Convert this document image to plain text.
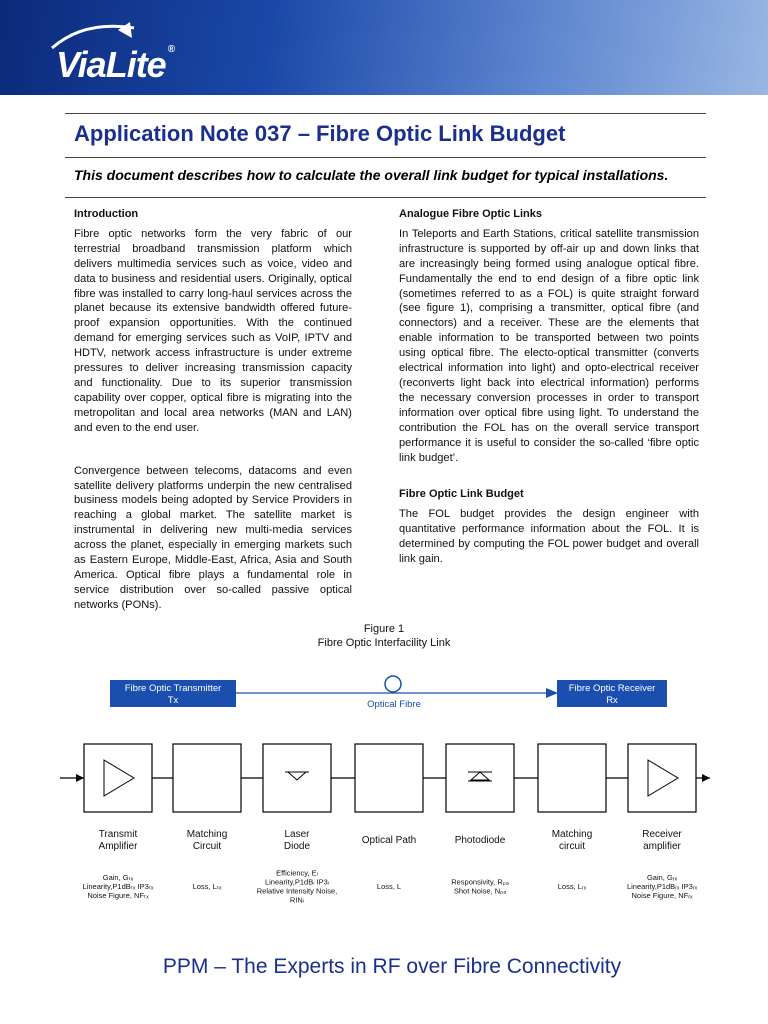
ViaLite ®
Application Note 037 – Fibre Optic Link Budget
This document describes how to calculate the overall link budget for typical installations.
Introduction

Fibre optic networks form the very fabric of our terrestrial broadband transmission platform which delivers multimedia services such as voice, video and data to business and residential users. Originally, optical fibre was installed to carry long-haul services across the planet because its extensive bandwidth offered future-proof expansion opportunities. With the continued demand for emerging services such as VoIP, IPTV and HDTV, network access infrastructure is under extreme pressures to deliver increasing transmission capacity and functionality. Due to its superior transmission capability over copper, optical fibre is migrating into the metropolitan and local area networks (MAN and LAN) and even to the end user.

Convergence between telecoms, datacoms and even satellite delivery platforms underpin the new centralised business models being adopted by Service Providers in reaching a global market. The satellite market is instrumental in delivering new multi-media services across the planet, especially in emerging markets such as Eastern Europe, Middle-East, Africa, Asia and South America. Optical fibre plays a fundamental role in service distribution over so-called passive optical networks (PONs).

Analogue Fibre Optic Links

In Teleports and Earth Stations, critical satellite transmission infrastructure is supported by off-air up and down links that are increasingly being formed using analogue optical fibre. Fundamentally the end to end design of a fibre optic link (sometimes referred to as a FOL) is quite straight forward (see figure 1), comprising a transmitter, optical fibre (and connectors) and a receiver. These are the elements that enable information to be transported between two points using optical fibre. The electo-optical transmitter (converts electrical information into light) and opto-electrical receiver (reconverts light back into electrical information) performs the necessary conversion processes in order to transport information over optical fibre using light. To understand the contribution the FOL has on the overall service transport performance it is useful to consider the so-called ‘fibre optic link budget’.

Fibre Optic Link Budget

The FOL budget provides the design engineer with quantitative performance information about the FOL. It is determined by computing the FOL power budget and overall link gain.

Figure 1
Fibre Optic Interfacility Link
Optical Fibre
Fibre Optic Transmitter
Tx
Fibre Optic Receiver
Rx
Transmit
Amplifier
Gain, Gₜₓ
Linearity,P1dBₜₓ IP3ₜₓ
Noise Figure, NFₜₓ
Matching
Circuit
Loss, Lₜₓ
Laser
Diode
Efficiency, Eₗ
Linearity,P1dBₗ IP3ₗ
Relative Intensity Noise,
RINₗ
Optical Path
Loss, L
Photodiode
Responsivity, Rₚₔ
Shot Noise, Nₚₔ
Matching
circuit
Loss, Lᵣₓ
Receiver
amplifier
Gain, Gᵣₓ
Linearity,P1dBᵣₓ IP3ᵣₓ
Noise Figure, NFᵣₓ
PPM – The Experts in RF over Fibre Connectivity
